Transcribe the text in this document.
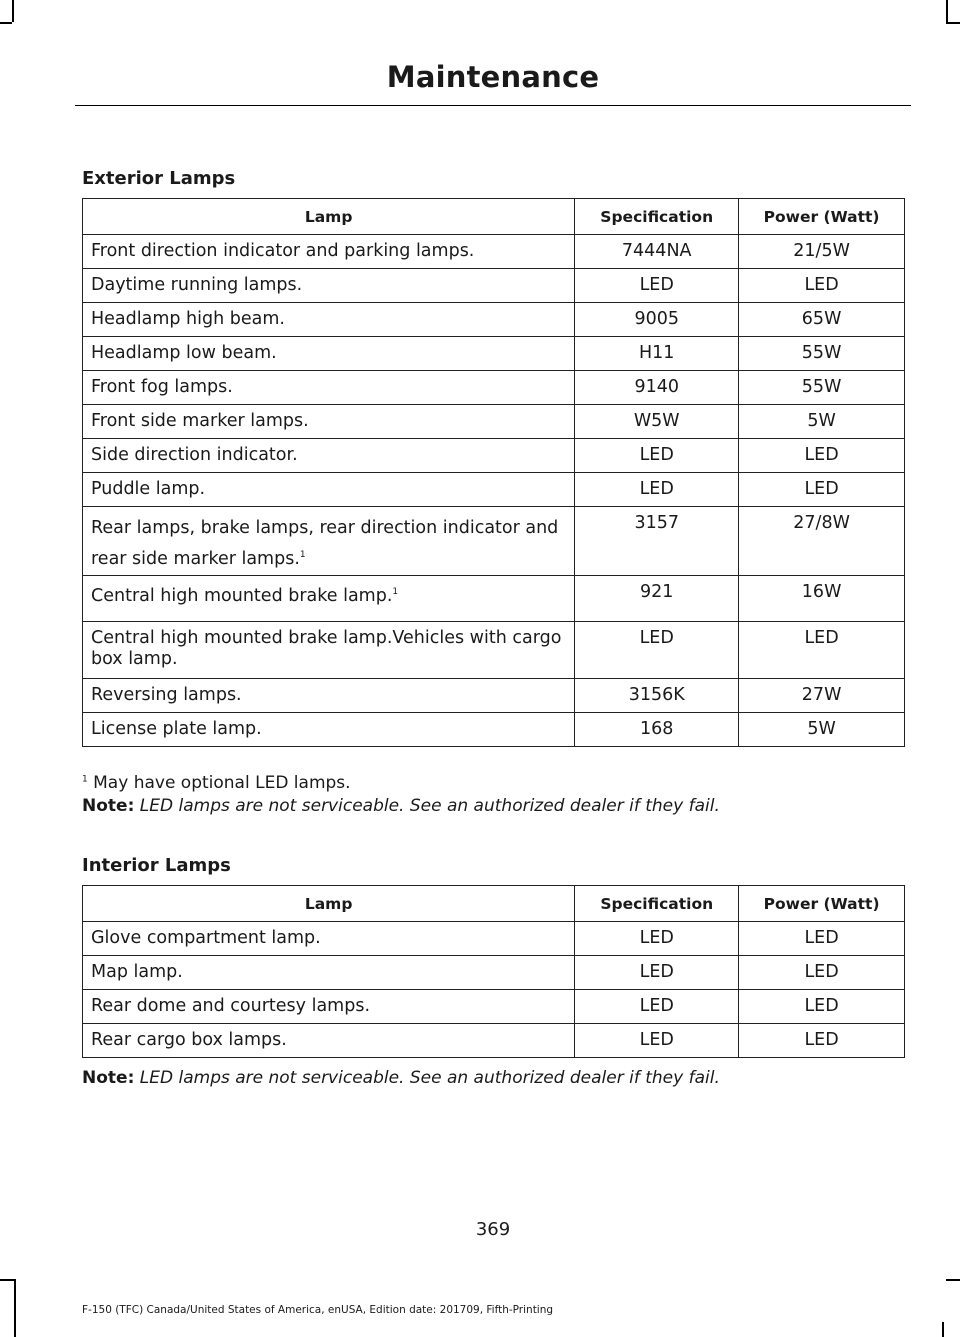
Maintenance
Exterior Lamps
Lamp	Specification	Power (Watt)
Front direction indicator and parking lamps.	7444NA	21/5W
Daytime running lamps.	LED	LED
Headlamp high beam.	9005	65W
Headlamp low beam.	H11	55W
Front fog lamps.	9140	55W
Front side marker lamps.	W5W	5W
Side direction indicator.	LED	LED
Puddle lamp.	LED	LED
Rear lamps, brake lamps, rear direction indicator and rear side marker lamps.$^1$	3157	27/8W
Central high mounted brake lamp.$^1$	921	16W
Central high mounted brake lamp.Vehicles with cargo box lamp.	LED	LED
Reversing lamps.	3156K	27W
License plate lamp.	168	5W
$^1$ May have optional LED lamps.
Note: LED lamps are not serviceable. See an authorized dealer if they fail.
Interior Lamps
Lamp	Specification	Power (Watt)
Glove compartment lamp.	LED	LED
Map lamp.	LED	LED
Rear dome and courtesy lamps.	LED	LED
Rear cargo box lamps.	LED	LED
Note: LED lamps are not serviceable. See an authorized dealer if they fail.
369
F-150 (TFC) Canada/United States of America, enUSA, Edition date: 201709, Fifth-Printing
